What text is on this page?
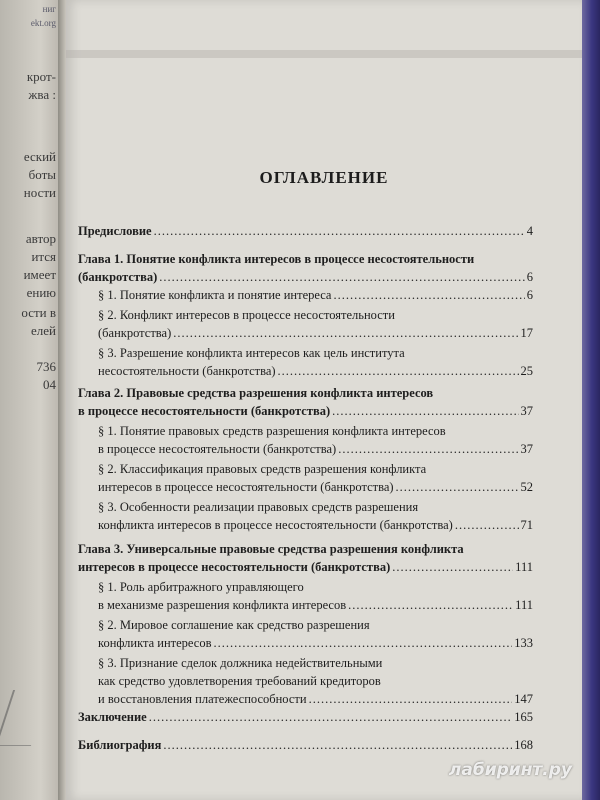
ниг
ekt.org
крот-
жва :
еский
боты
ности
автор
ится
имеет
ению
ости в
елей
736
04
ОГЛАВЛЕНИЕ
Предисловие .....	4
Глава 1. Понятие конфликта интересов в процессе несостоятельности
(банкротства) .....	6
§ 1. Понятие конфликта и понятие интереса .....	6
§ 2. Конфликт интересов в процессе несостоятельности
(банкротства) .....	17
§ 3. Разрешение конфликта интересов как цель института
несостоятельности (банкротства) .....	25
Глава 2. Правовые средства разрешения конфликта интересов
в процессе несостоятельности (банкротства) .....	37
§ 1. Понятие правовых средств разрешения конфликта интересов
в процессе несостоятельности (банкротства) .....	37
§ 2. Классификация правовых средств разрешения конфликта
интересов в процессе несостоятельности (банкротства) .....	52
§ 3. Особенности реализации правовых средств разрешения
конфликта интересов в процессе несостоятельности (банкротства) .....	71
Глава 3. Универсальные правовые средства разрешения конфликта
интересов в процессе несостоятельности (банкротства) .....	111
§ 1. Роль арбитражного управляющего
в механизме разрешения конфликта интересов .....	111
§ 2. Мировое соглашение как средство разрешения
конфликта интересов .....	133
§ 3. Признание сделок должника недействительными
как средство удовлетворения требований кредиторов
и восстановления платежеспособности .....	147
Заключение .....	165
Библиография .....	168
лабиринт.ру
